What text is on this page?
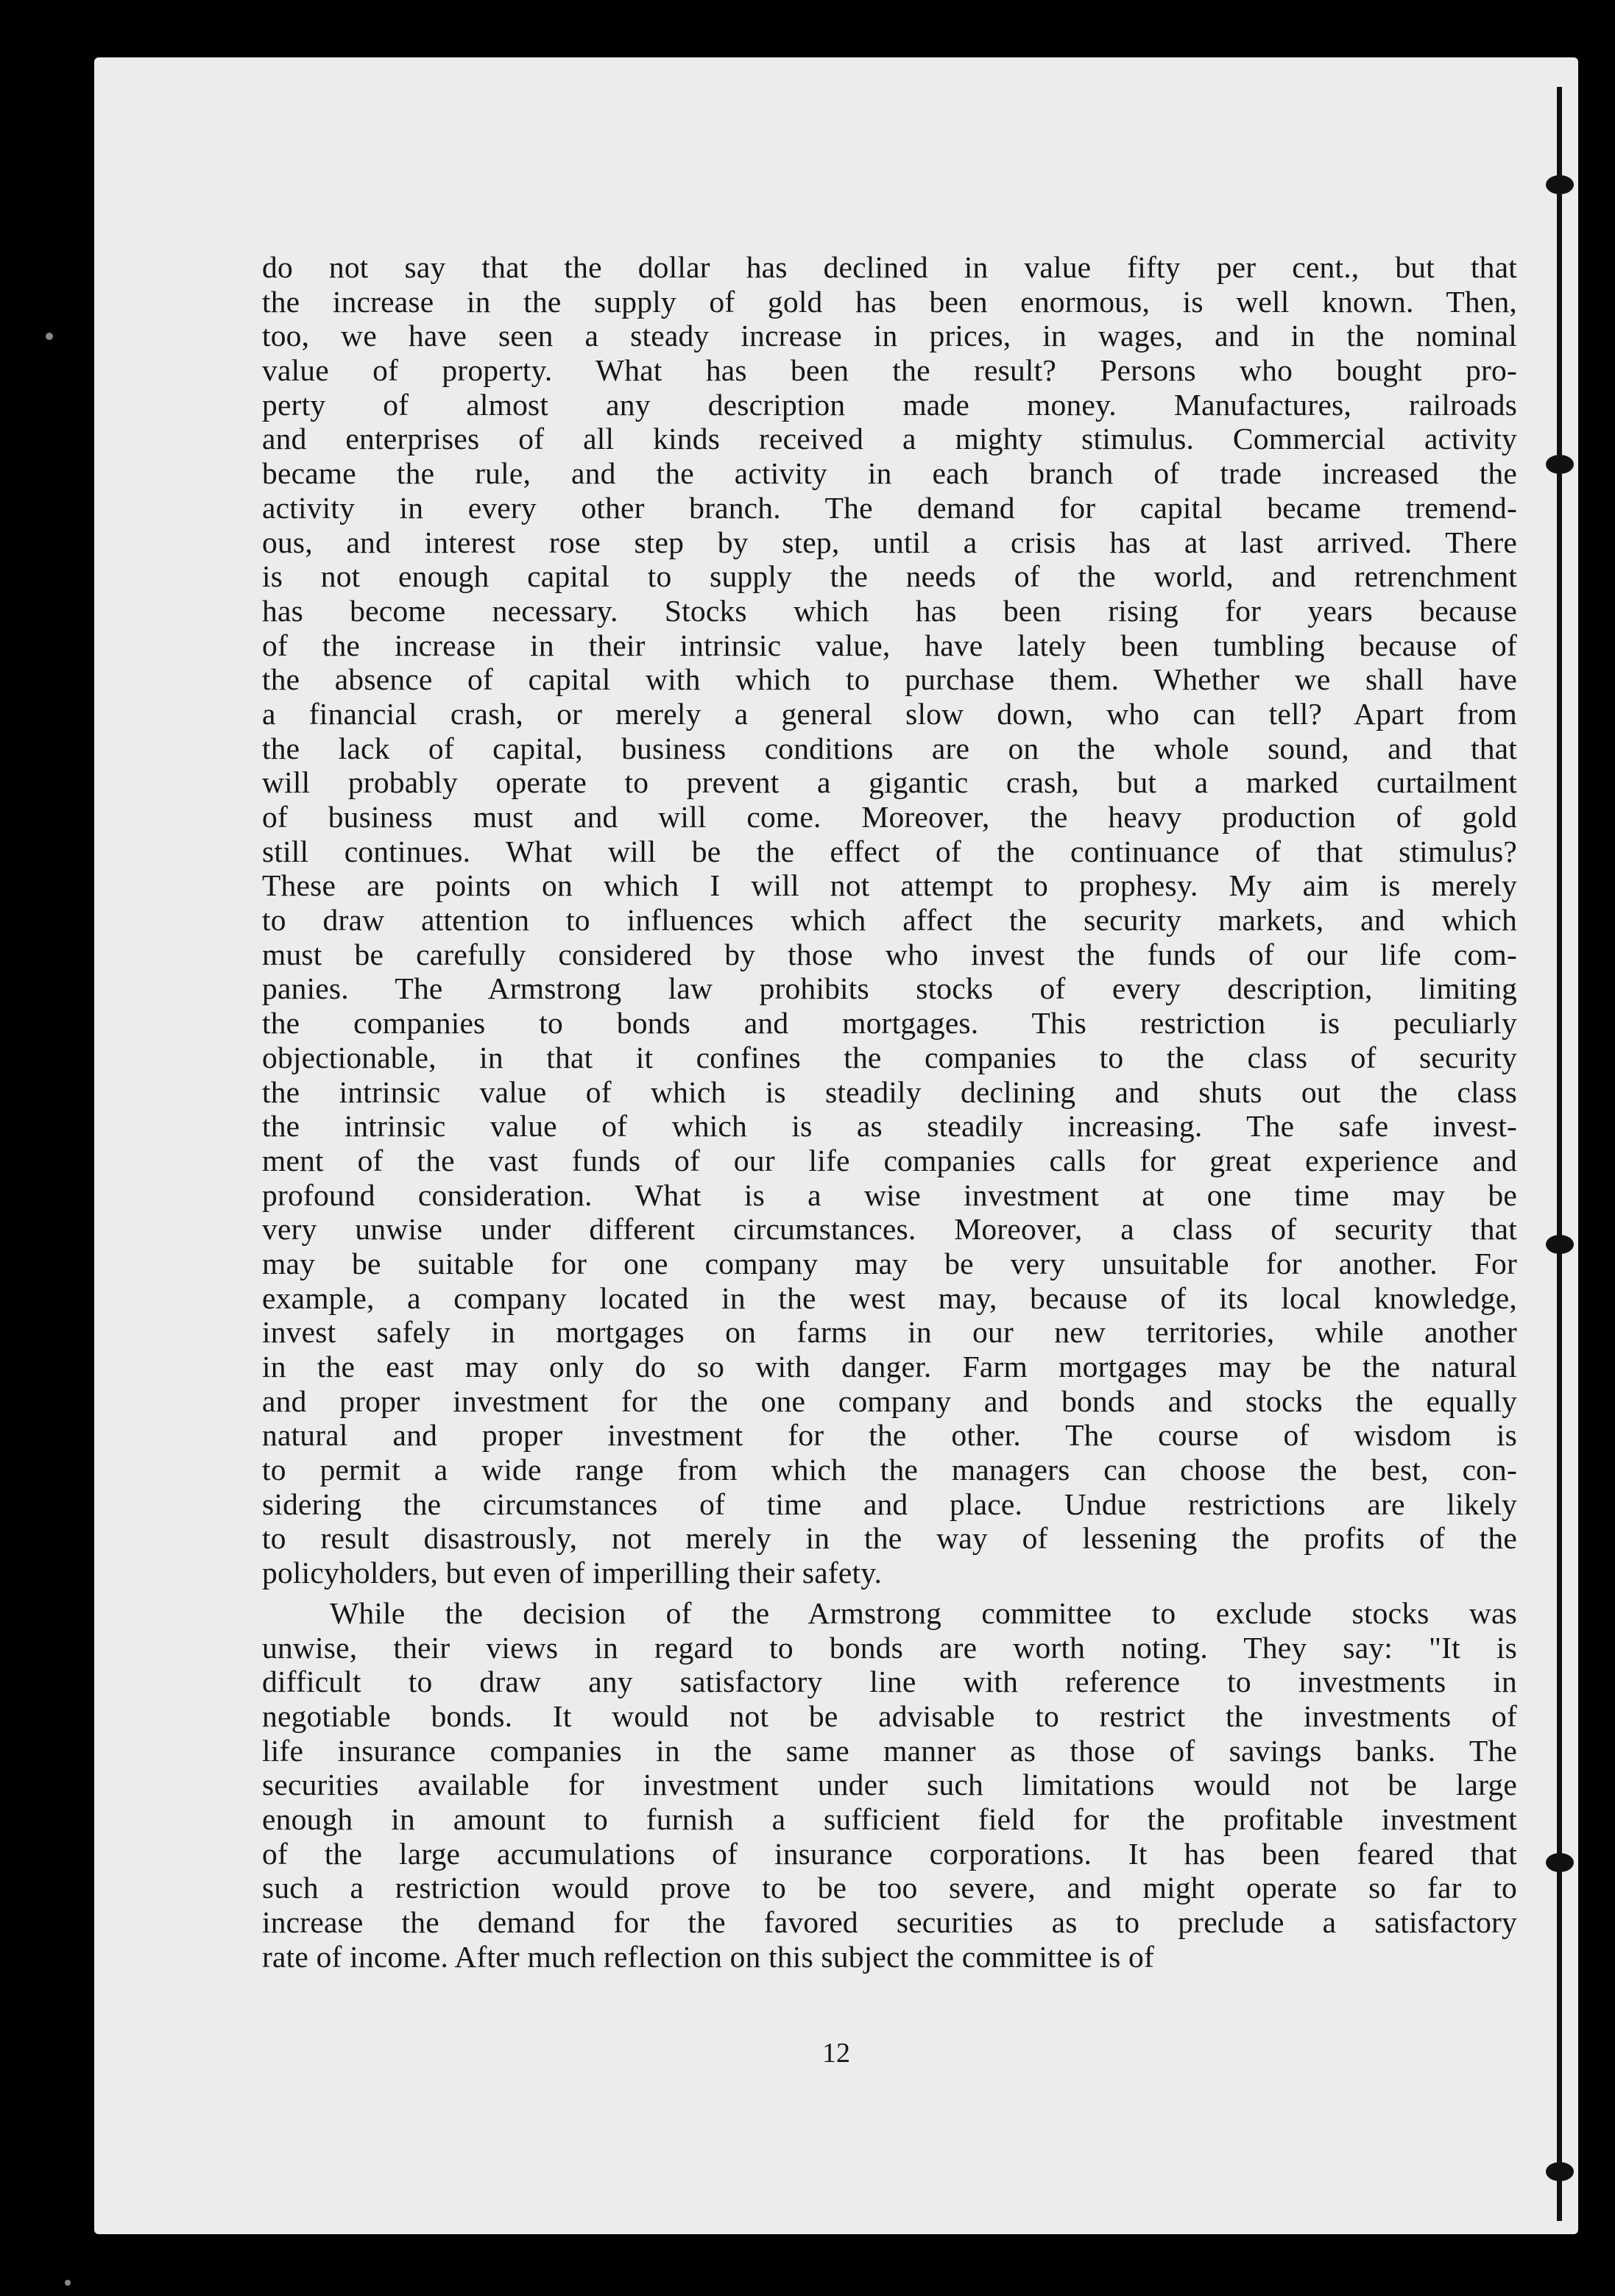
do not say that the dollar has declined in value fifty per cent., but that
the increase in the supply of gold has been enormous, is well known. Then,
too, we have seen a steady increase in prices, in wages, and in the nominal
value of property. What has been the result? Persons who bought pro-
perty of almost any description made money. Manufactures, railroads
and enterprises of all kinds received a mighty stimulus. Commercial activity
became the rule, and the activity in each branch of trade increased the
activity in every other branch. The demand for capital became tremend-
ous, and interest rose step by step, until a crisis has at last arrived. There
is not enough capital to supply the needs of the world, and retrenchment
has become necessary. Stocks which has been rising for years because
of the increase in their intrinsic value, have lately been tumbling because of
the absence of capital with which to purchase them. Whether we shall have
a financial crash, or merely a general slow down, who can tell? Apart from
the lack of capital, business conditions are on the whole sound, and that
will probably operate to prevent a gigantic crash, but a marked curtailment
of business must and will come. Moreover, the heavy production of gold
still continues. What will be the effect of the continuance of that stimulus?
These are points on which I will not attempt to prophesy. My aim is merely
to draw attention to influences which affect the security markets, and which
must be carefully considered by those who invest the funds of our life com-
panies. The Armstrong law prohibits stocks of every description, limiting
the companies to bonds and mortgages. This restriction is peculiarly
objectionable, in that it confines the companies to the class of security
the intrinsic value of which is steadily declining and shuts out the class
the intrinsic value of which is as steadily increasing. The safe invest-
ment of the vast funds of our life companies calls for great experience and
profound consideration. What is a wise investment at one time may be
very unwise under different circumstances. Moreover, a class of security that
may be suitable for one company may be very unsuitable for another. For
example, a company located in the west may, because of its local knowledge,
invest safely in mortgages on farms in our new territories, while another
in the east may only do so with danger. Farm mortgages may be the natural
and proper investment for the one company and bonds and stocks the equally
natural and proper investment for the other. The course of wisdom is
to permit a wide range from which the managers can choose the best, con-
sidering the circumstances of time and place. Undue restrictions are likely
to result disastrously, not merely in the way of lessening the profits of the
policyholders, but even of imperilling their safety.
While the decision of the Armstrong committee to exclude stocks was
unwise, their views in regard to bonds are worth noting. They say: "It is
difficult to draw any satisfactory line with reference to investments in
negotiable bonds. It would not be advisable to restrict the investments of
life insurance companies in the same manner as those of savings banks. The
securities available for investment under such limitations would not be large
enough in amount to furnish a sufficient field for the profitable investment
of the large accumulations of insurance corporations. It has been feared that
such a restriction would prove to be too severe, and might operate so far to
increase the demand for the favored securities as to preclude a satisfactory
rate of income. After much reflection on this subject the committee is of
12
